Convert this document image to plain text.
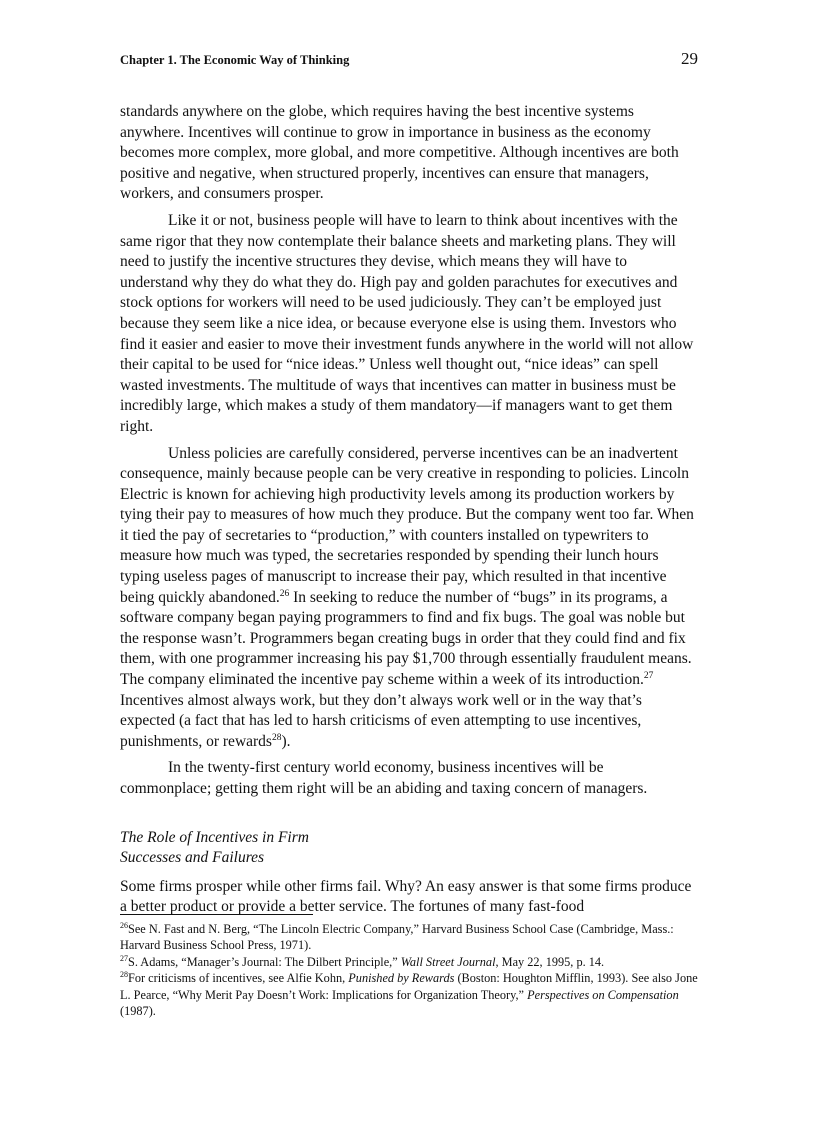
Chapter 1. The Economic Way of Thinking	29

standards anywhere on the globe, which requires having the best incentive systems anywhere. Incentives will continue to grow in importance in business as the economy becomes more complex, more global, and more competitive. Although incentives are both positive and negative, when structured properly, incentives can ensure that managers, workers, and consumers prosper.

Like it or not, business people will have to learn to think about incentives with the same rigor that they now contemplate their balance sheets and marketing plans. They will need to justify the incentive structures they devise, which means they will have to understand why they do what they do. High pay and golden parachutes for executives and stock options for workers will need to be used judiciously. They can’t be employed just because they seem like a nice idea, or because everyone else is using them. Investors who find it easier and easier to move their investment funds anywhere in the world will not allow their capital to be used for “nice ideas.” Unless well thought out, “nice ideas” can spell wasted investments. The multitude of ways that incentives can matter in business must be incredibly large, which makes a study of them mandatory—if managers want to get them right.

Unless policies are carefully considered, perverse incentives can be an inadvertent consequence, mainly because people can be very creative in responding to policies. Lincoln Electric is known for achieving high productivity levels among its production workers by tying their pay to measures of how much they produce. But the company went too far. When it tied the pay of secretaries to “production,” with counters installed on typewriters to measure how much was typed, the secretaries responded by spending their lunch hours typing useless pages of manuscript to increase their pay, which resulted in that incentive being quickly abandoned.$^{26}$ In seeking to reduce the number of “bugs” in its programs, a software company began paying programmers to find and fix bugs. The goal was noble but the response wasn’t. Programmers began creating bugs in order that they could find and fix them, with one programmer increasing his pay $1,700 through essentially fraudulent means. The company eliminated the incentive pay scheme within a week of its introduction.$^{27}$ Incentives almost always work, but they don’t always work well or in the way that’s expected (a fact that has led to harsh criticisms of even attempting to use incentives, punishments, or rewards$^{28}$).

In the twenty-first century world economy, business incentives will be commonplace; getting them right will be an abiding and taxing concern of managers.

The Role of Incentives in Firm
Successes and Failures

Some firms prosper while other firms fail. Why? An easy answer is that some firms produce a better product or provide a better service. The fortunes of many fast-food

$^{26}$See N. Fast and N. Berg, “The Lincoln Electric Company,” Harvard Business School Case (Cambridge, Mass.: Harvard Business School Press, 1971).

$^{27}$S. Adams, “Manager’s Journal: The Dilbert Principle,” Wall Street Journal, May 22, 1995, p. 14.

$^{28}$For criticisms of incentives, see Alfie Kohn, Punished by Rewards (Boston: Houghton Mifflin, 1993). See also Jone L. Pearce, “Why Merit Pay Doesn’t Work: Implications for Organization Theory,” Perspectives on Compensation (1987).
